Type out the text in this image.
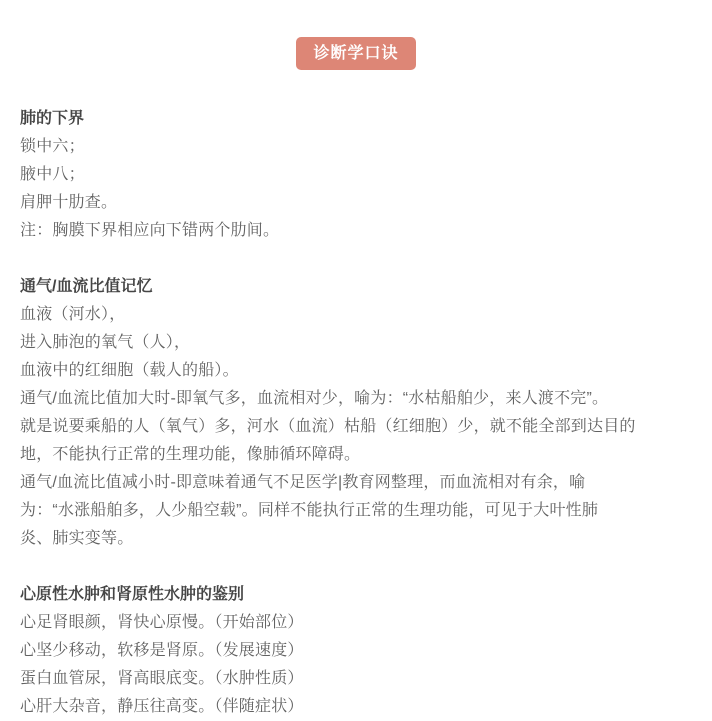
诊断学口诀
肺的下界
锁中六；
腋中八；
肩胛十肋查。
注：胸膜下界相应向下错两个肋间。
通气/血流比值记忆
血液（河水），
进入肺泡的氧气（人），
血液中的红细胞（载人的船）。
通气/血流比值加大时-即氧气多，血流相对少，喻为：“水枯船舶少，来人渡不完”。
就是说要乘船的人（氧气）多，河水（血流）枯船（红细胞）少，就不能全部到达目的
地，不能执行正常的生理功能，像肺循环障碍。
通气/血流比值减小时-即意味着通气不足医学|教育网整理，而血流相对有余，喻
为：“水涨船舶多，人少船空载”。同样不能执行正常的生理功能，可见于大叶性肺
炎、肺实变等。
心原性水肿和肾原性水肿的鉴别
心足肾眼颜，肾快心原慢。（开始部位）
心坚少移动，软移是肾原。（发展速度）
蛋白血管尿，肾高眼底变。（水肿性质）
心肝大杂音，静压往高变。（伴随症状）
